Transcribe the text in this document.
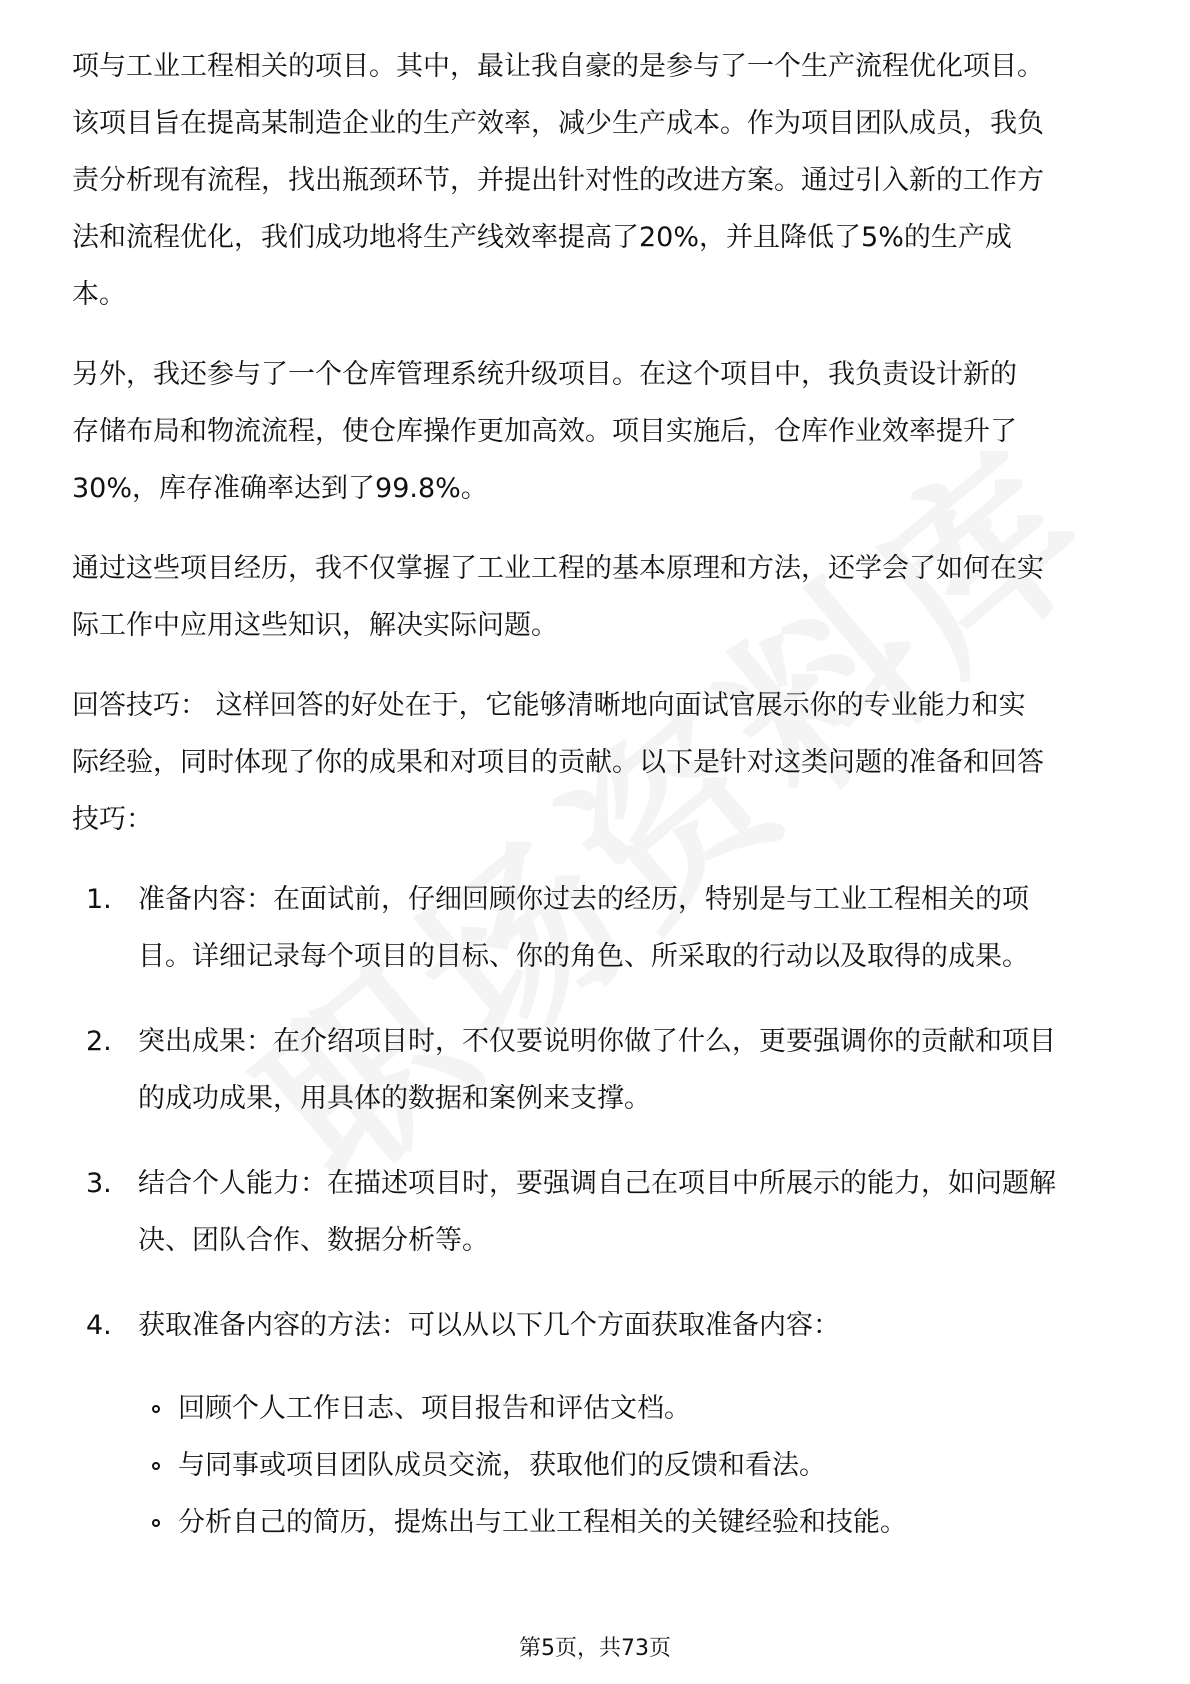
项与工业工程相关的项目。其中，最让我自豪的是参与了一个生产流程优化项目。该项目旨在提高某制造企业的生产效率，减少生产成本。作为项目团队成员，我负责分析现有流程，找出瓶颈环节，并提出针对性的改进方案。通过引入新的工作方法和流程优化，我们成功地将生产线效率提高了20%，并且降低了5%的生产成本。

另外，我还参与了一个仓库管理系统升级项目。在这个项目中，我负责设计新的存储布局和物流流程，使仓库操作更加高效。项目实施后，仓库作业效率提升了30%，库存准确率达到了99.8%。

通过这些项目经历，我不仅掌握了工业工程的基本原理和方法，还学会了如何在实际工作中应用这些知识，解决实际问题。

回答技巧： 这样回答的好处在于，它能够清晰地向面试官展示你的专业能力和实际经验，同时体现了你的成果和对项目的贡献。以下是针对这类问题的准备和回答技巧：

1. 准备内容：在面试前，仔细回顾你过去的经历，特别是与工业工程相关的项目。详细记录每个项目的目标、你的角色、所采取的行动以及取得的成果。
2. 突出成果：在介绍项目时，不仅要说明你做了什么，更要强调你的贡献和项目的成功成果，用具体的数据和案例来支撑。
3. 结合个人能力：在描述项目时，要强调自己在项目中所展示的能力，如问题解决、团队合作、数据分析等。
4. 获取准备内容的方法：可以从以下几个方面获取准备内容：
回顾个人工作日志、项目报告和评估文档。
与同事或项目团队成员交流，获取他们的反馈和看法。
分析自己的简历，提炼出与工业工程相关的关键经验和技能。
第5页，共73页
